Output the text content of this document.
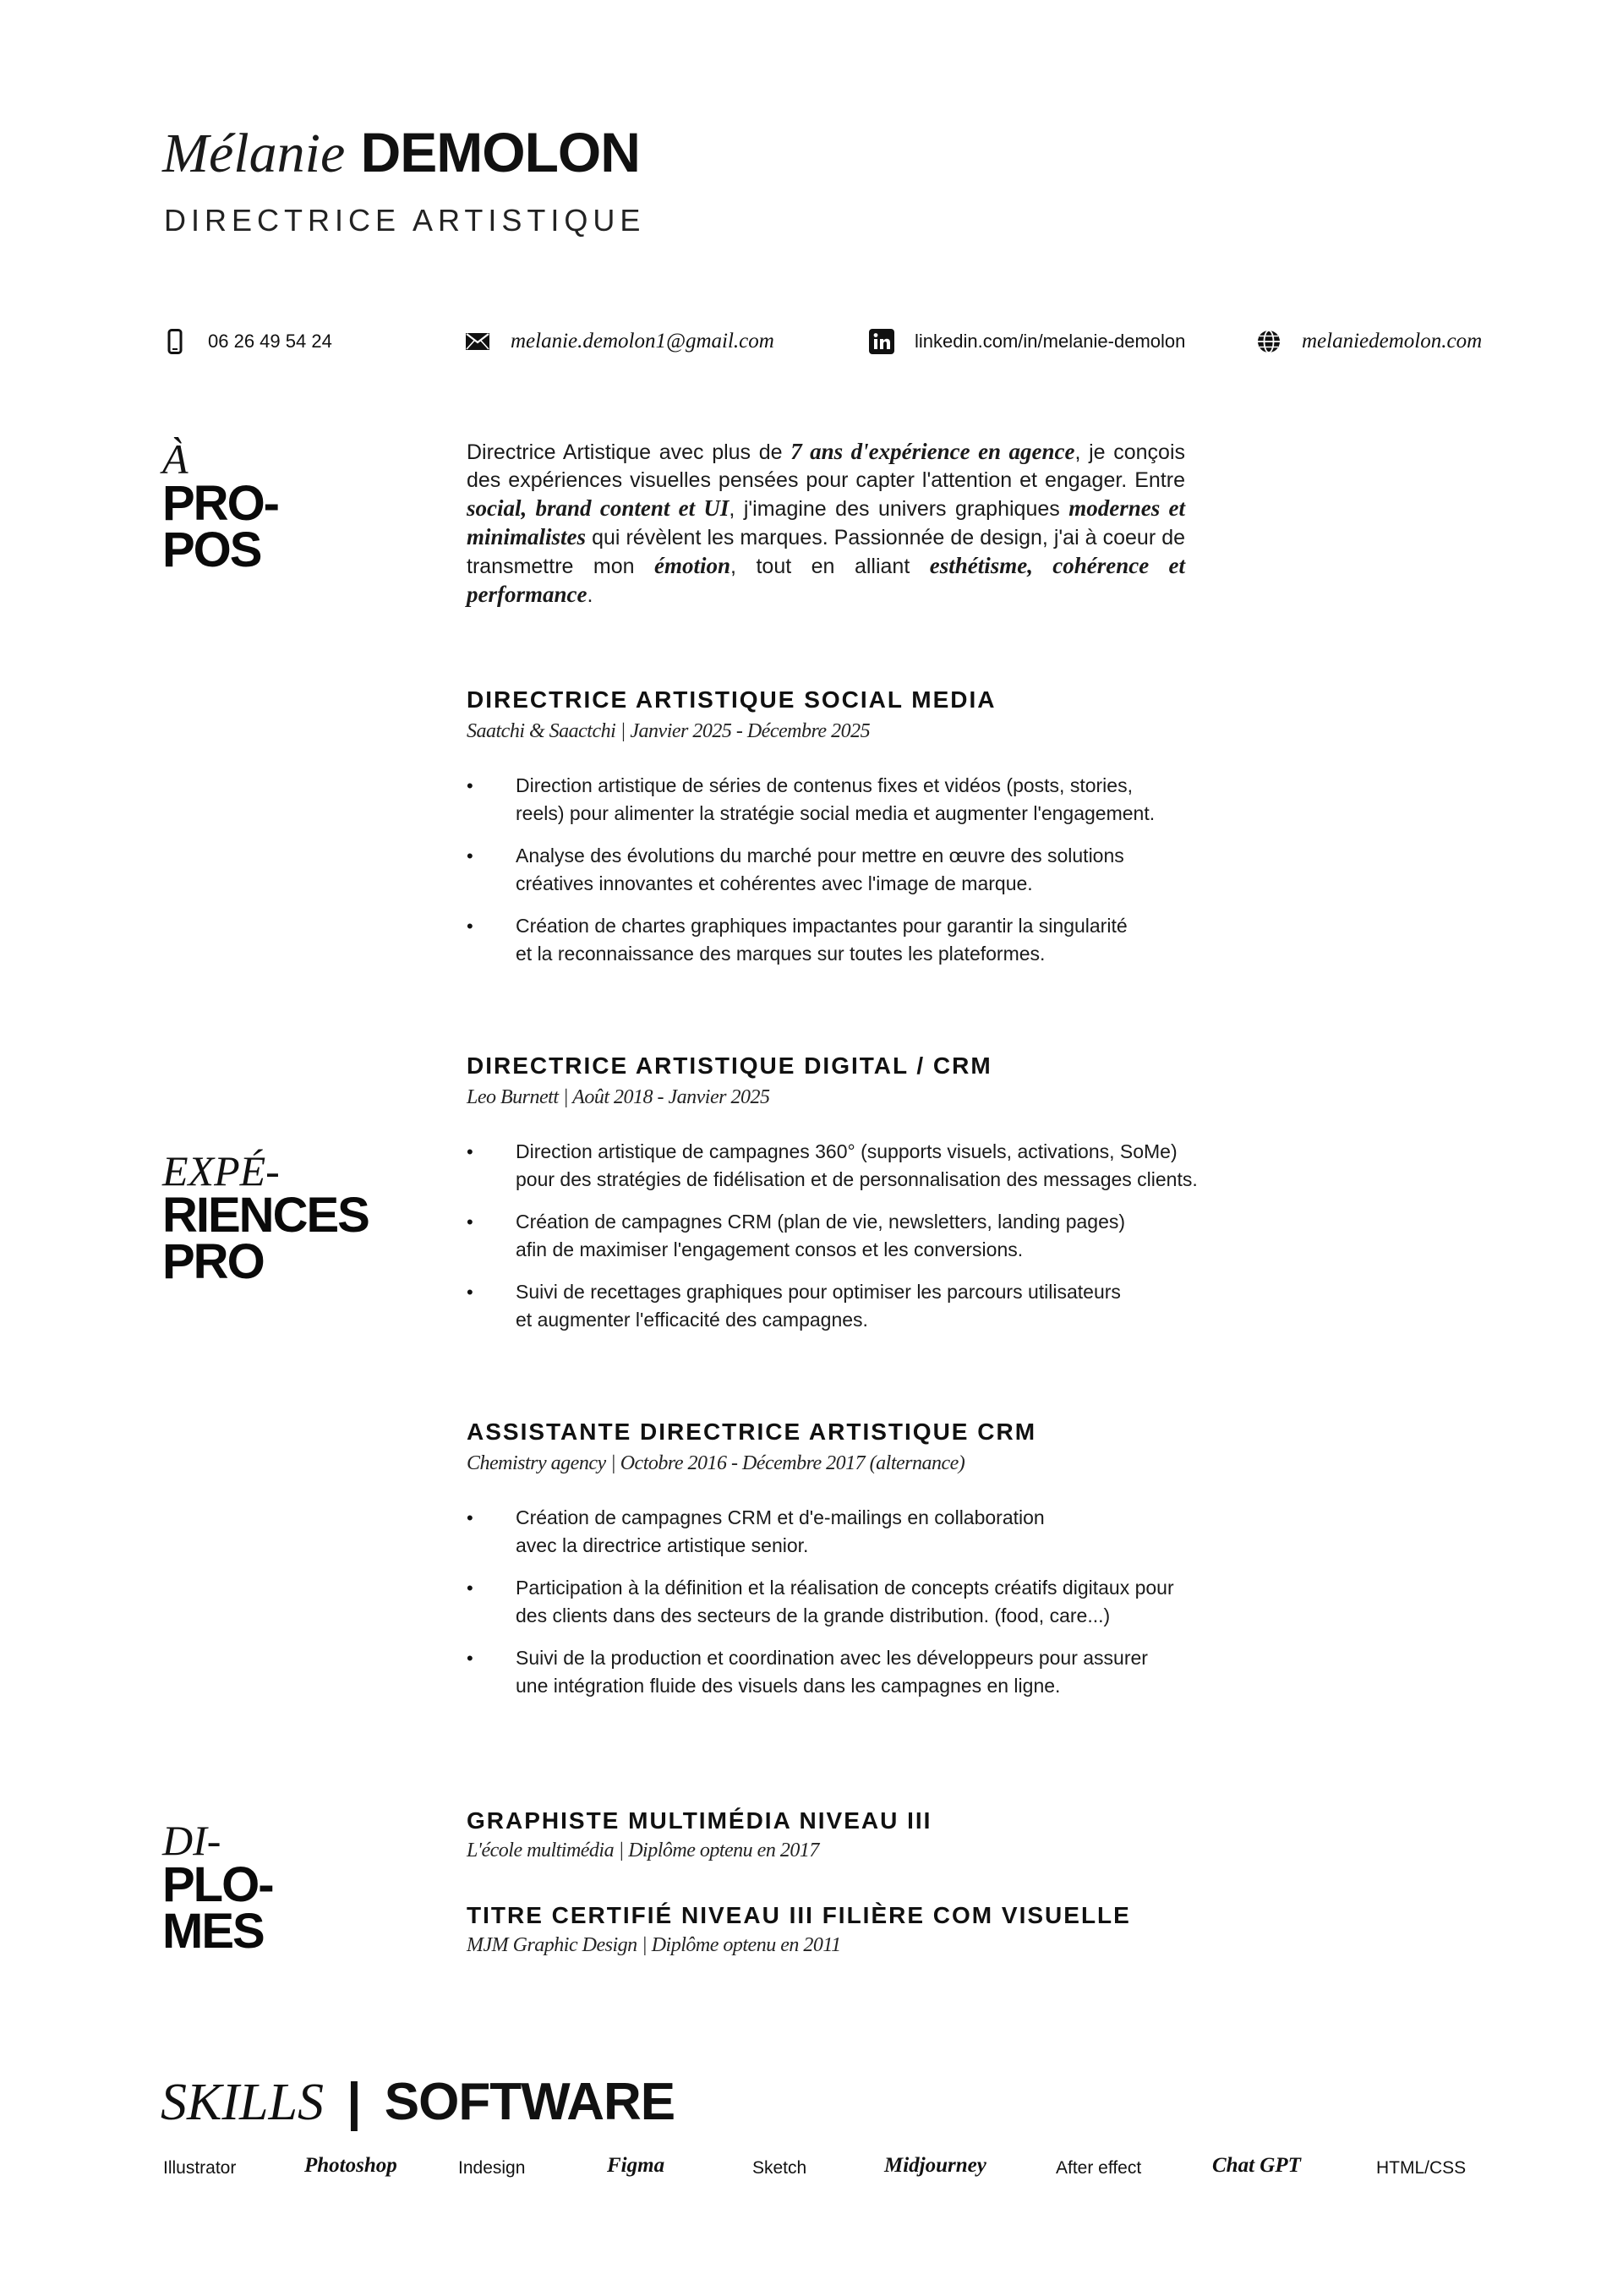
Mélanie DEMOLON
DIRECTRICE ARTISTIQUE
06 26 49 54 24	melanie.demolon1@gmail.com	linkedin.com/in/melanie-demolon	melaniedemolon.com
À
PRO-
POS
Directrice Artistique avec plus de 7 ans d'expérience en agence, je conçois des expériences visuelles pensées pour capter l'attention et engager. Entre social, brand content et UI, j'imagine des univers graphiques modernes et minimalistes qui révèlent les marques. Passionnée de design, j'ai à coeur de transmettre mon émotion, tout en alliant esthétisme, cohérence et performance.
EXPÉ-
RIENCES
PRO
DIRECTRICE ARTISTIQUE SOCIAL MEDIA
Saatchi & Saactchi | Janvier 2025 - Décembre 2025
• Direction artistique de séries de contenus fixes et vidéos (posts, stories,
reels) pour alimenter la stratégie social media et augmenter l'engagement.
• Analyse des évolutions du marché pour mettre en œuvre des solutions
créatives innovantes et cohérentes avec l'image de marque.
• Création de chartes graphiques impactantes pour garantir la singularité
et la reconnaissance des marques sur toutes les plateformes.
DIRECTRICE ARTISTIQUE DIGITAL / CRM
Leo Burnett | Août 2018 - Janvier 2025
• Direction artistique de campagnes 360° (supports visuels, activations, SoMe)
pour des stratégies de fidélisation et de personnalisation des messages clients.
• Création de campagnes CRM (plan de vie, newsletters, landing pages)
afin de maximiser l'engagement consos et les conversions.
• Suivi de recettages graphiques pour optimiser les parcours utilisateurs
et augmenter l'efficacité des campagnes.
ASSISTANTE DIRECTRICE ARTISTIQUE CRM
Chemistry agency | Octobre 2016 - Décembre 2017 (alternance)
• Création de campagnes CRM et d'e-mailings en collaboration
avec la directrice artistique senior.
• Participation à la définition et la réalisation de concepts créatifs digitaux pour
des clients dans des secteurs de la grande distribution. (food, care...)
• Suivi de la production et coordination avec les développeurs pour assurer
une intégration fluide des visuels dans les campagnes en ligne.
DI-
PLO-
MES
GRAPHISTE MULTIMÉDIA NIVEAU III
L'école multimédia | Diplôme optenu en 2017
TITRE CERTIFIÉ NIVEAU III FILIÈRE COM VISUELLE
MJM Graphic Design | Diplôme optenu en 2011
SKILLS | SOFTWARE
Illustrator	Photoshop	Indesign	Figma	Sketch	Midjourney	After effect	Chat GPT	HTML/CSS
